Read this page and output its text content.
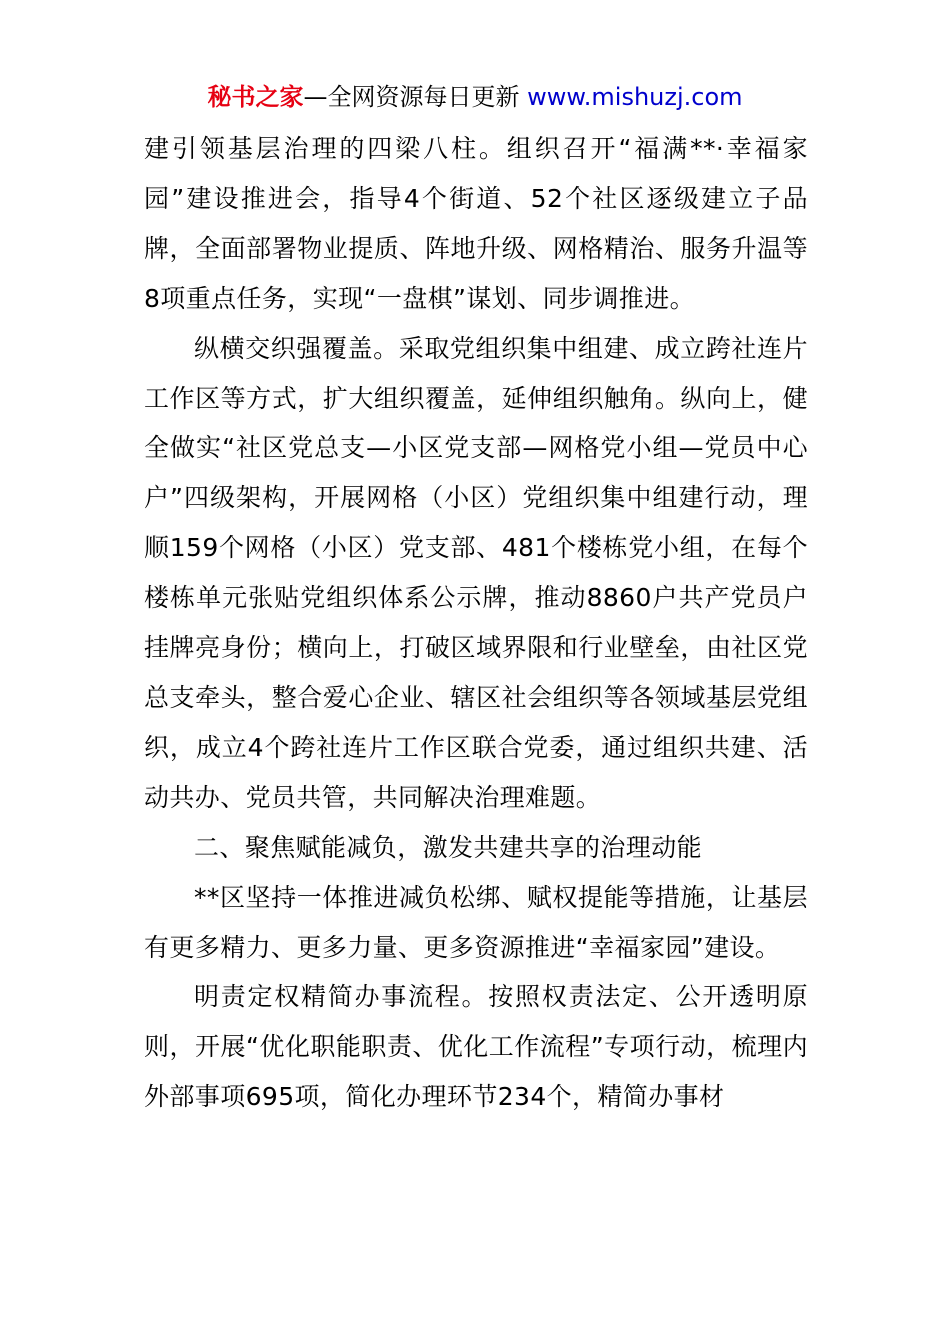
秘书之家—全网资源每日更新 www.mishuzj.com

建引领基层治理的四梁八柱。组织召开“福满**·幸福家园”建设推进会，指导4个街道、52个社区逐级建立子品牌，全面部署物业提质、阵地升级、网格精治、服务升温等8项重点任务，实现“一盘棋”谋划、同步调推进。

纵横交织强覆盖。采取党组织集中组建、成立跨社连片工作区等方式，扩大组织覆盖，延伸组织触角。纵向上，健全做实“社区党总支—小区党支部—网格党小组—党员中心户”四级架构，开展网格（小区）党组织集中组建行动，理顺159个网格（小区）党支部、481个楼栋党小组，在每个楼栋单元张贴党组织体系公示牌，推动8860户共产党员户挂牌亮身份；横向上，打破区域界限和行业壁垒，由社区党总支牵头，整合爱心企业、辖区社会组织等各领域基层党组织，成立4个跨社连片工作区联合党委，通过组织共建、活动共办、党员共管，共同解决治理难题。

二、聚焦赋能减负，激发共建共享的治理动能

**区坚持一体推进减负松绑、赋权提能等措施，让基层有更多精力、更多力量、更多资源推进“幸福家园”建设。

明责定权精简办事流程。按照权责法定、公开透明原则，开展“优化职能职责、优化工作流程”专项行动，梳理内外部事项695项，简化办理环节234个，精简办事材
